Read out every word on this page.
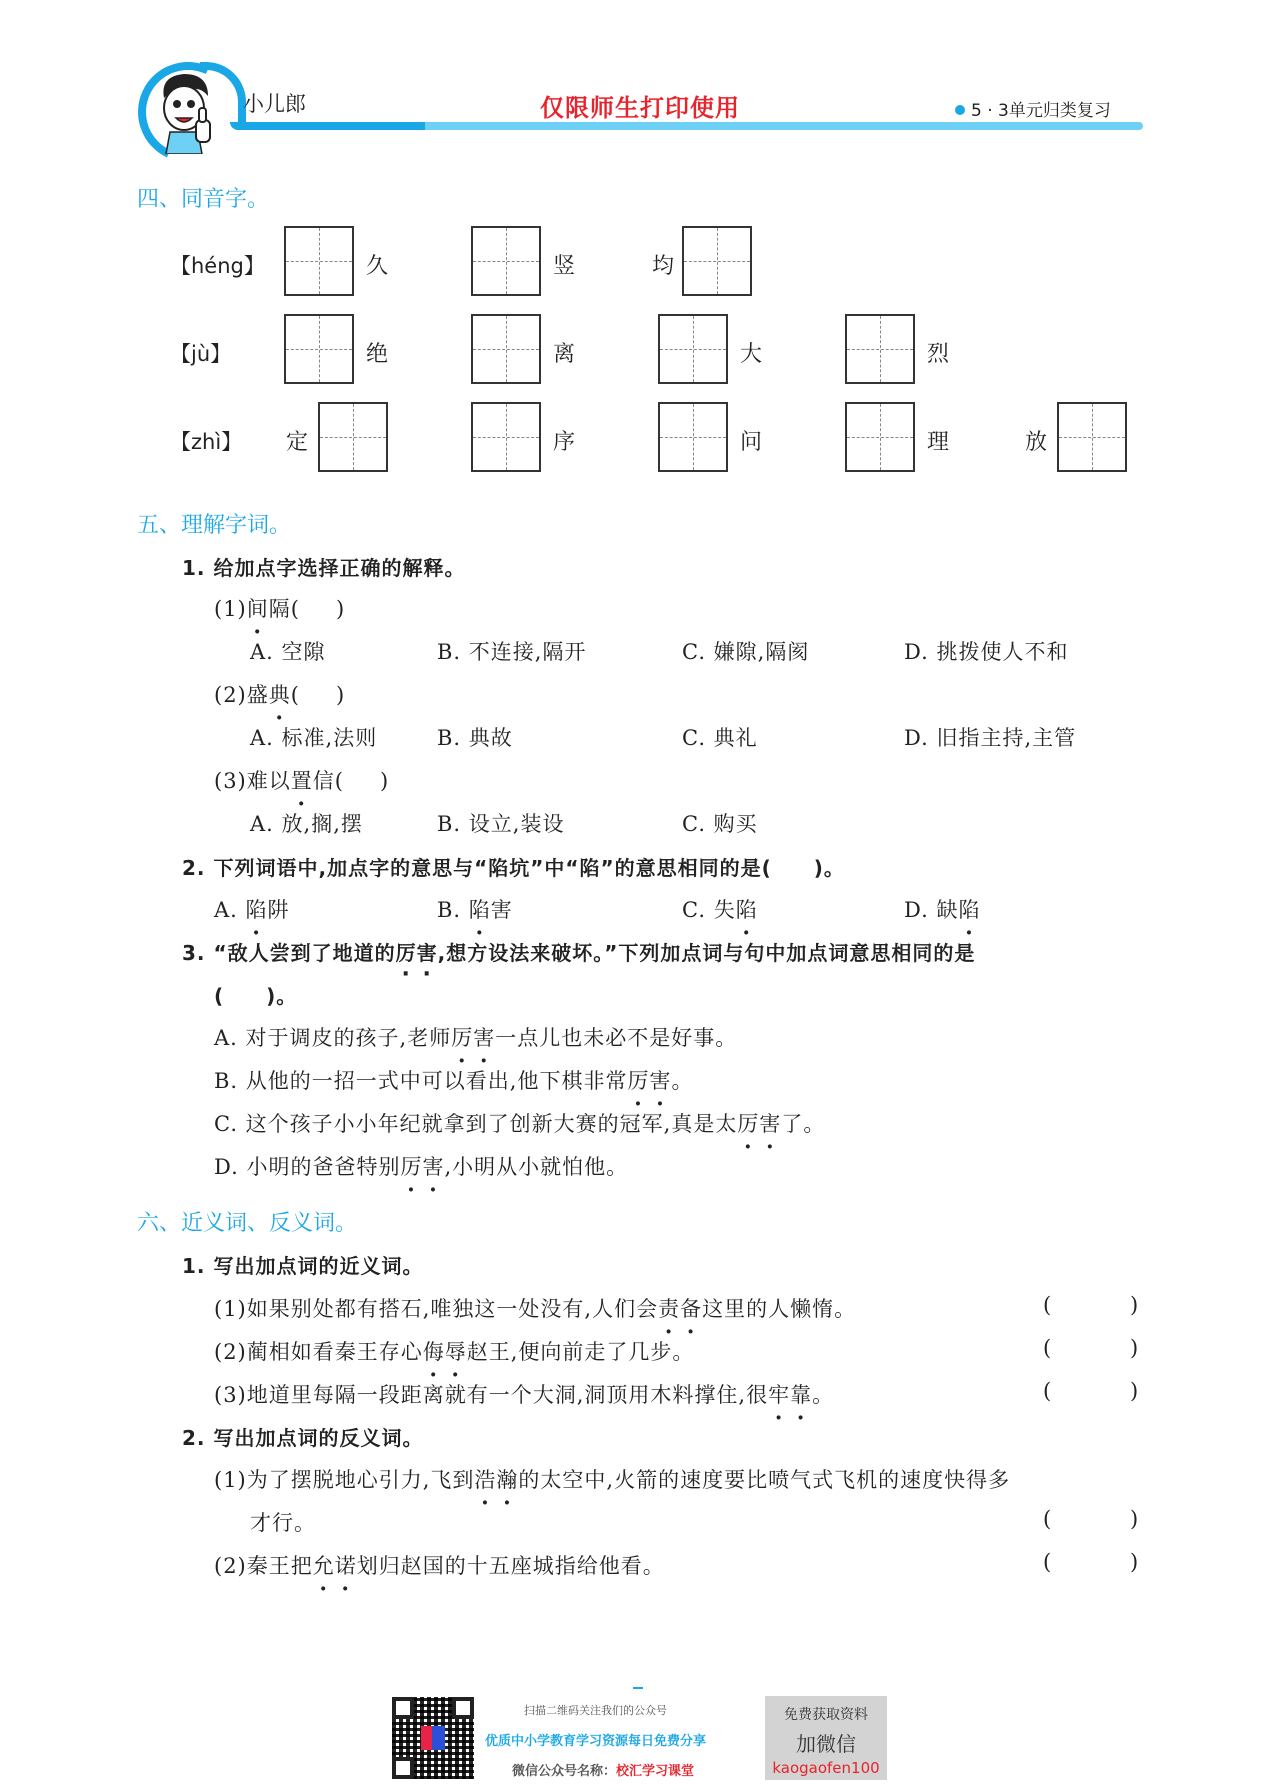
小儿郎	仅限师生打印使用	5 · 3单元归类复习
四、同音字。
【héng】	久	竖	均
【jù】	绝	离	大	烈
【zhì】 定	序	问	理	放
五、理解字词。
1. 给加点字选择正确的解释。
(1)间隔( )
A. 空隙	B. 不连接,隔开	C. 嫌隙,隔阂	D. 挑拨使人不和
(2)盛典( )
A. 标准,法则	B. 典故	C. 典礼	D. 旧指主持,主管
(3)难以置信( )
A. 放,搁,摆	B. 设立,装设	C. 购买
2. 下列词语中,加点字的意思与“陷坑”中“陷”的意思相同的是(　　)。
A. 陷阱	B. 陷害	C. 失陷	D. 缺陷
3. “敌人尝到了地道的厉害,想方设法来破坏。”下列加点词与句中加点词意思相同的是
(　　)。
A. 对于调皮的孩子,老师厉害一点儿也未必不是好事。
B. 从他的一招一式中可以看出,他下棋非常厉害。
C. 这个孩子小小年纪就拿到了创新大赛的冠军,真是太厉害了。
D. 小明的爸爸特别厉害,小明从小就怕他。
六、近义词、反义词。
1. 写出加点词的近义词。
(1)如果别处都有搭石,唯独这一处没有,人们会责备这里的人懒惰。	(	)
(2)蔺相如看秦王存心侮辱赵王,便向前走了几步。	(	)
(3)地道里每隔一段距离就有一个大洞,洞顶用木料撑住,很牢靠。	(	)
2. 写出加点词的反义词。
(1)为了摆脱地心引力,飞到浩瀚的太空中,火箭的速度要比喷气式飞机的速度快得多
才行。	(	)
(2)秦王把允诺划归赵国的十五座城指给他看。	(	)
扫描二维码关注我们的公众号
优质中小学教育学习资源每日免费分享
微信公众号名称：校汇学习课堂
免费获取资料
加微信
kaogaofen100
